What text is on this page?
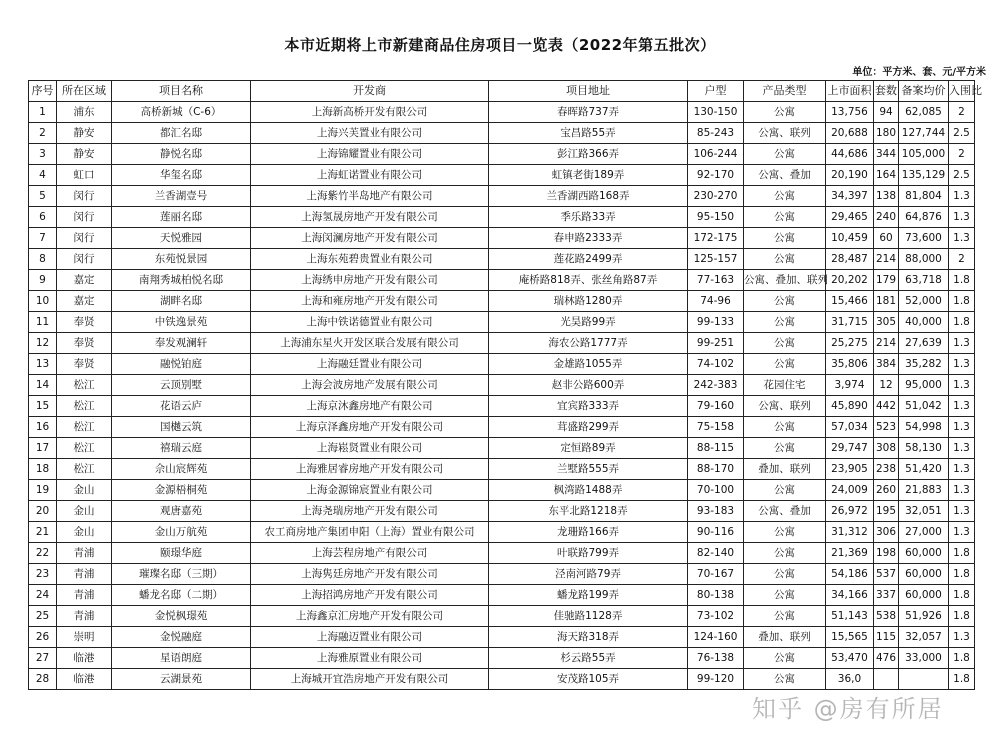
本市近期将上市新建商品住房项目一览表（2022年第五批次）
单位：平方米、套、元/平方米
序号	所在区域	项目名称	开发商	项目地址	户型	产品类型	上市面积	套数	备案均价	入围比
1	浦东	高桥新城（C-6）	上海新高桥开发有限公司	春晖路737弄	130-150	公寓	13,756	94	62,085	2
2	静安	都汇名邸	上海兴芙置业有限公司	宝昌路55弄	85-243	公寓、联列	20,688	180	127,744	2.5
3	静安	静悦名邸	上海锦耀置业有限公司	彭江路366弄	106-244	公寓	44,686	344	105,000	2
4	虹口	华玺名邸	上海虹诺置业有限公司	虹镇老街189弄	92-170	公寓、叠加	20,190	164	135,129	2.5
5	闵行	兰香湖壹号	上海紫竹半岛地产有限公司	兰香湖西路168弄	230-270	公寓	34,397	138	81,804	1.3
6	闵行	莲丽名邸	上海氢晟房地产开发有限公司	季乐路33弄	95-150	公寓	29,465	240	64,876	1.3
7	闵行	天悦雅园	上海闵澜房地产开发有限公司	春申路2333弄	172-175	公寓	10,459	60	73,600	1.3
8	闵行	东苑悦景园	上海东苑碧贵置业有限公司	莲花路2499弄	125-157	公寓	28,487	214	88,000	2
9	嘉定	南翔秀城柏悦名邸	上海绣申房地产开发有限公司	庵桥路818弄、张丝角路87弄	77-163	公寓、叠加、联列	20,202	179	63,718	1.8
10	嘉定	湖畔名邸	上海和雍房地产开发有限公司	瑞林路1280弄	74-96	公寓	15,466	181	52,000	1.8
11	奉贤	中铁逸景苑	上海中铁诺德置业有限公司	光昊路99弄	99-133	公寓	31,715	305	40,000	1.8
12	奉贤	奉发观澜轩	上海浦东星火开发区联合发展有限公司	海农公路1777弄	99-251	公寓	25,275	214	27,639	1.3
13	奉贤	融悦铂庭	上海融廷置业有限公司	金雄路1055弄	74-102	公寓	35,806	384	35,282	1.3
14	松江	云顶别墅	上海会波房地产发展有限公司	赵非公路600弄	242-383	花园住宅	3,974	12	95,000	1.3
15	松江	花语云庐	上海京沐鑫房地产有限公司	宜宾路333弄	79-160	公寓、联列	45,890	442	51,042	1.3
16	松江	国樾云筑	上海京泽鑫房地产开发有限公司	茸盛路299弄	75-158	公寓	57,034	523	54,998	1.3
17	松江	禧瑞云庭	上海崧贤置业有限公司	定恒路89弄	88-115	公寓	29,747	308	58,130	1.3
18	松江	佘山宸辉苑	上海雅居睿房地产开发有限公司	兰墅路555弄	88-170	叠加、联列	23,905	238	51,420	1.3
19	金山	金源梧桐苑	上海金源锦宸置业有限公司	枫湾路1488弄	70-100	公寓	24,009	260	21,883	1.3
20	金山	观唐嘉苑	上海尧瑞房地产开发有限公司	东平北路1218弄	93-183	公寓、叠加	26,972	195	32,051	1.3
21	金山	金山万航苑	农工商房地产集团申阳（上海）置业有限公司	龙珊路166弄	90-116	公寓	31,312	306	27,000	1.3
22	青浦	颐璟华庭	上海芸程房地产有限公司	叶联路799弄	82-140	公寓	21,369	198	60,000	1.8
23	青浦	璀璨名邸（三期）	上海隽廷房地产开发有限公司	泾南河路79弄	70-167	公寓	54,186	537	60,000	1.8
24	青浦	蟠龙名邸（二期）	上海招鸿房地产开发有限公司	蟠龙路199弄	80-138	公寓	34,166	337	60,000	1.8
25	青浦	金悦枫璟苑	上海鑫京汇房地产开发有限公司	佳驰路1128弄	73-102	公寓	51,143	538	51,926	1.8
26	崇明	金悦融庭	上海融迈置业有限公司	海天路318弄	124-160	叠加、联列	15,565	115	32,057	1.3
27	临港	星语朗庭	上海雅原置业有限公司	杉云路55弄	76-138	公寓	53,470	476	33,000	1.8
28	临港	云湖景苑	上海城开宜浩房地产开发有限公司	安茂路105弄	99-120	公寓	36,0			1.8
知乎 @房有所居
